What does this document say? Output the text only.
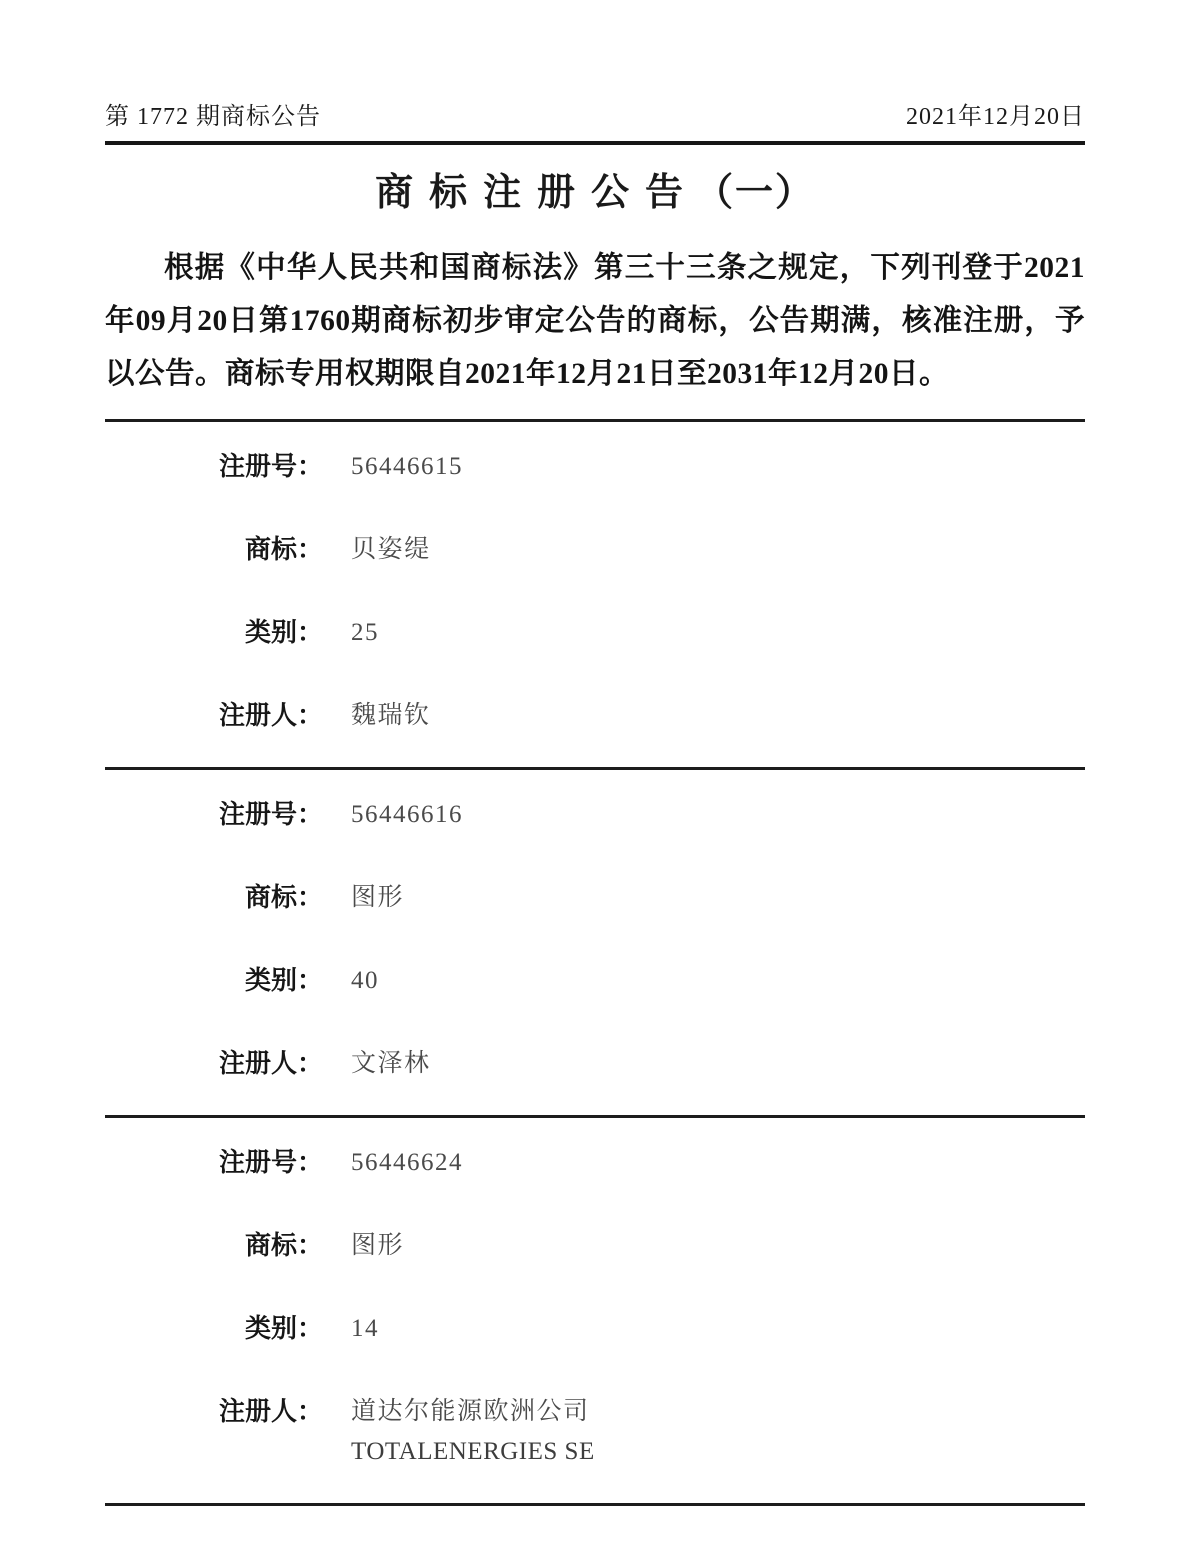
第 1772 期商标公告	2021年12月20日
商标注册公告（一）

根据《中华人民共和国商标法》第三十三条之规定，下列刊登于2021年09月20日第1760期商标初步审定公告的商标，公告期满，核准注册，予以公告。商标专用权期限自2021年12月21日至2031年12月20日。

注册号： 56446615
商标： 贝姿缇
类别： 25
注册人： 魏瑞钦
注册号： 56446616
商标： 图形
类别： 40
注册人： 文泽林
注册号： 56446624
商标： 图形
类别： 14
注册人： 道达尔能源欧洲公司
TOTALENERGIES SE
